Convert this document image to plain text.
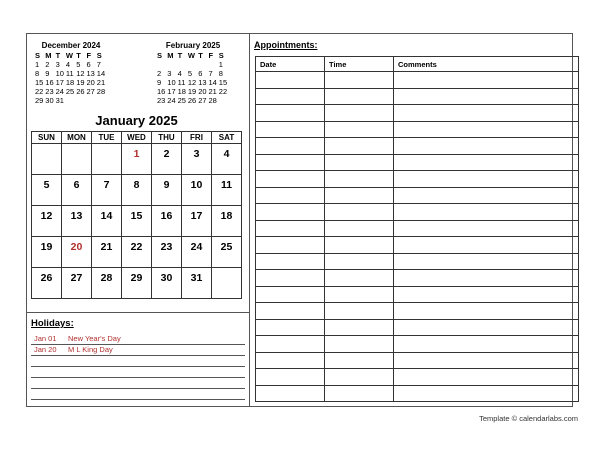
December 2024
S	M	T	W	T	F	S
1	2	3	4	5	6	7
8	9	10	11	12	13	14
15	16	17	18	19	20	21
22	23	24	25	26	27	28
29	30	31				
February 2025
S	M	T	W	T	F	S
						1
2	3	4	5	6	7	8
9	10	11	12	13	14	15
16	17	18	19	20	21	22
23	24	25	26	27	28	
January 2025
SUN	MON	TUE	WED	THU	FRI	SAT
			1	2	3	4
5	6	7	8	9	10	11
12	13	14	15	16	17	18
19	20	21	22	23	24	25
26	27	28	29	30	31	
Holidays:
Jan 01 New Year's Day
Jan 20 M L King Day
Appointments:
Date	Time	Comments

Template © calendarlabs.com
